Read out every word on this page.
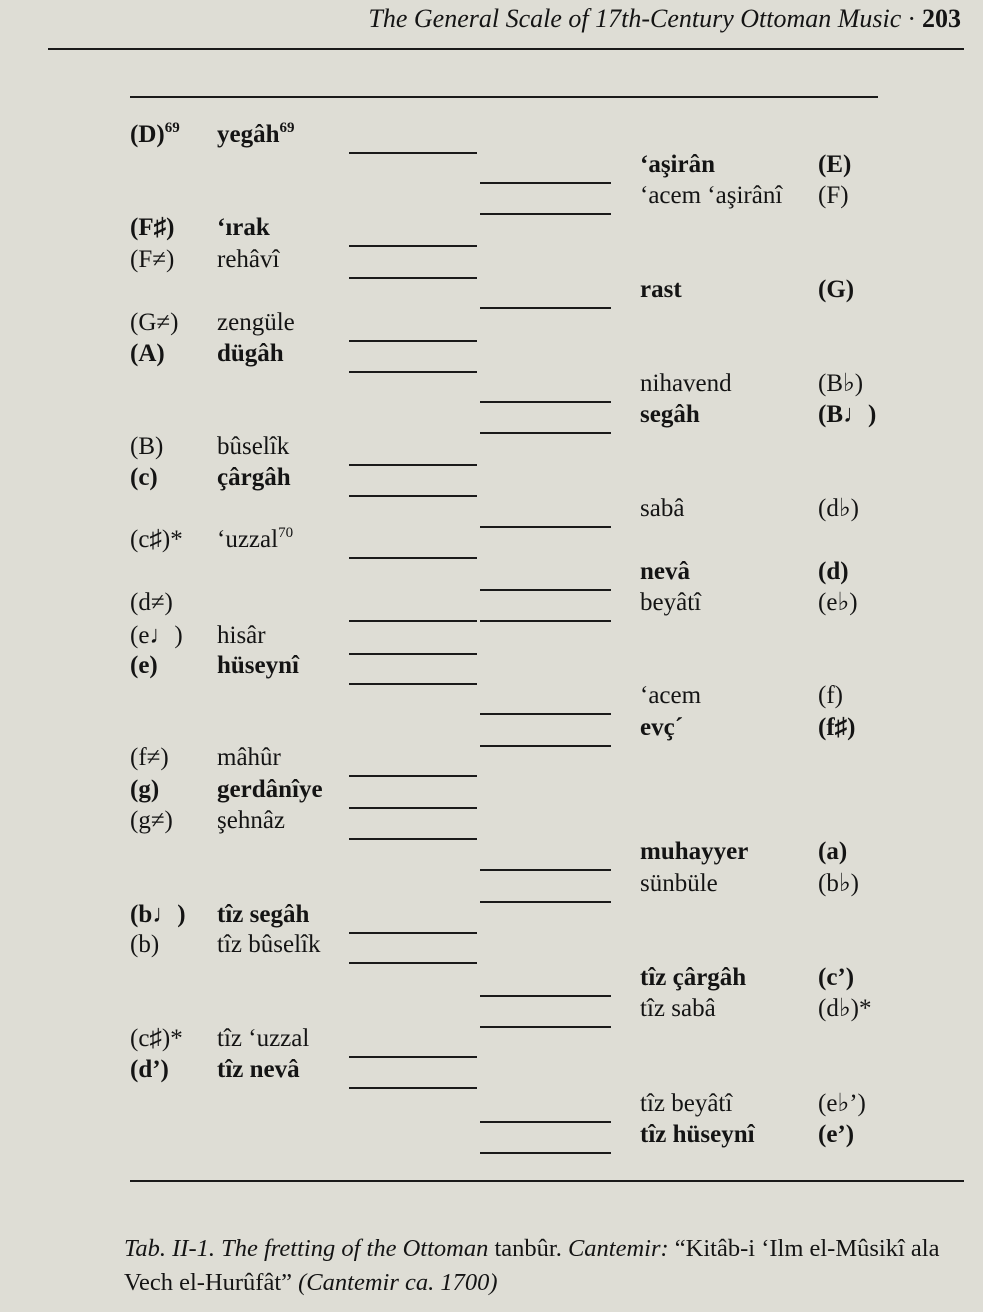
The General Scale of 17th-Century Ottoman Music · 203
$(D)^{69}$ yegâh$^{69}$
(F♯) ʻırak
(F≠) rehâvî
(G≠) zengüle
(A) dügâh
(B) bûselîk
(c) çârgâh
(c♯)* ʻuzzal$^{70}$
(d≠)
(e♩) hisâr
(e) hüseynî
(f≠) mâhûr
(g) gerdânîye
(g≠) şehnâz
(b♩) tîz segâh
(b) tîz bûselîk
(c♯)* tîz ʻuzzal
(d’) tîz nevâ
ʻaşirân	(E)
ʻacem ʻaşirânî (F)
rast	(G)
nihavend	(B♭)
segâh	(B♩)
sabâ	(d♭)
nevâ	(d)
beyâtî	(e♭)
ʻacem	(f)
evç´	(f♯)
muhayyer	(a)
sünbüle	(b♭)
tîz çârgâh	(c’)
tîz sabâ	(d♭)*
tîz beyâtî	(e♭’)
tîz hüseynî	(e’)
Tab. II-1. The fretting of the Ottoman tanbûr. Cantemir: “Kitâb-i ʻIlm el-Mûsikî ala Vech el-Hurûfât” (Cantemir ca. 1700)
